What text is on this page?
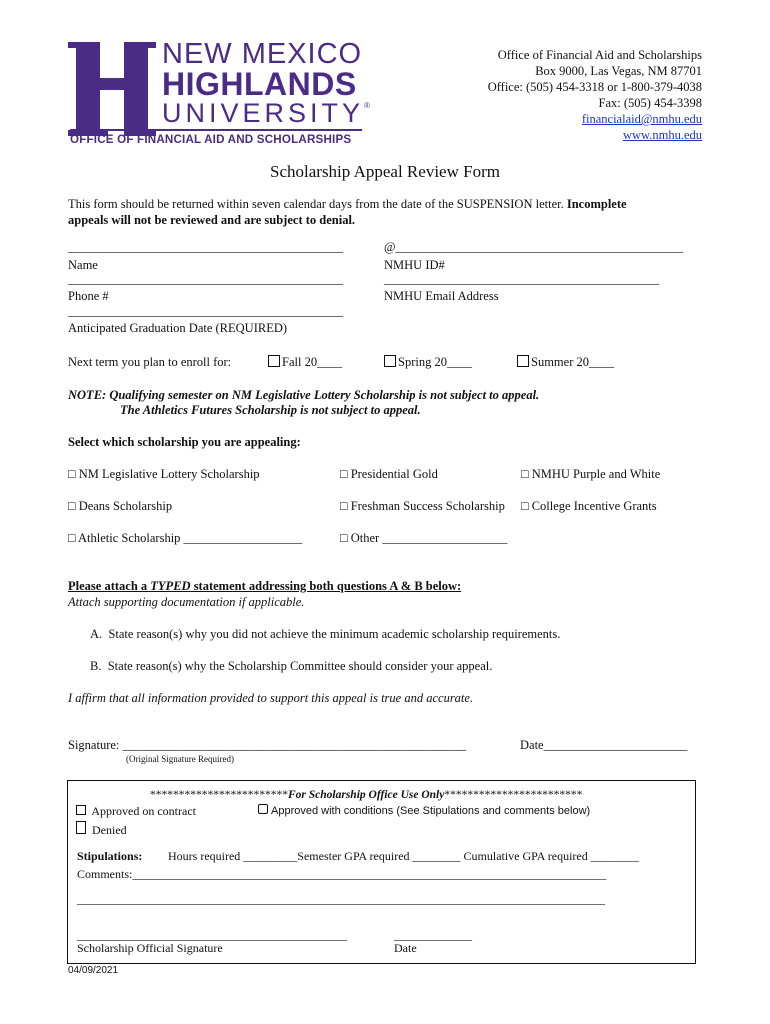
NEW MEXICO
HIGHLANDS
UNIVERSITY®
OFFICE OF FINANCIAL AID AND SCHOLARSHIPS
Office of Financial Aid and Scholarships
Box 9000, Las Vegas, NM 87701
Office: (505) 454-3318 or 1-800-379-4038
Fax: (505) 454-3398
financialaid@nmhu.edu
www.nmhu.edu
Scholarship Appeal Review Form
This form should be returned within seven calendar days from the date of the SUSPENSION letter. Incomplete
appeals will not be reviewed and are subject to denial.
____________________________________________
Name
@______________________________________________
NMHU ID#
____________________________________________
Phone #
____________________________________________
NMHU Email Address
____________________________________________
Anticipated Graduation Date (REQUIRED)
Next term you plan to enroll for:	Fall 20____	Spring 20____	Summer 20____
NOTE: Qualifying semester on NM Legislative Lottery Scholarship is not subject to appeal.
The Athletics Futures Scholarship is not subject to appeal.
Select which scholarship you are appealing:
□ NM Legislative Lottery Scholarship	□ Presidential Gold	□ NMHU Purple and White
□ Deans Scholarship	□ Freshman Success Scholarship □ College Incentive Grants
□ Athletic Scholarship ___________________	□ Other ____________________
Please attach a TYPED statement addressing both questions A & B below:
Attach supporting documentation if applicable.
A. State reason(s) why you did not achieve the minimum academic scholarship requirements.
B. State reason(s) why the Scholarship Committee should consider your appeal.
I affirm that all information provided to support this appeal is true and accurate.
Signature: _______________________________________________________
(Original Signature Required)
Date_______________________
************************For Scholarship Office Use Only************************
Approved on contract	Approved with conditions (See Stipulations and comments below)
Denied
Stipulations: Hours required _________Semester GPA required ________ Cumulative GPA required ________
Comments:_______________________________________________________________________________
________________________________________________________________________________________
_____________________________________________
Scholarship Official Signature
_____________
Date
04/09/2021
